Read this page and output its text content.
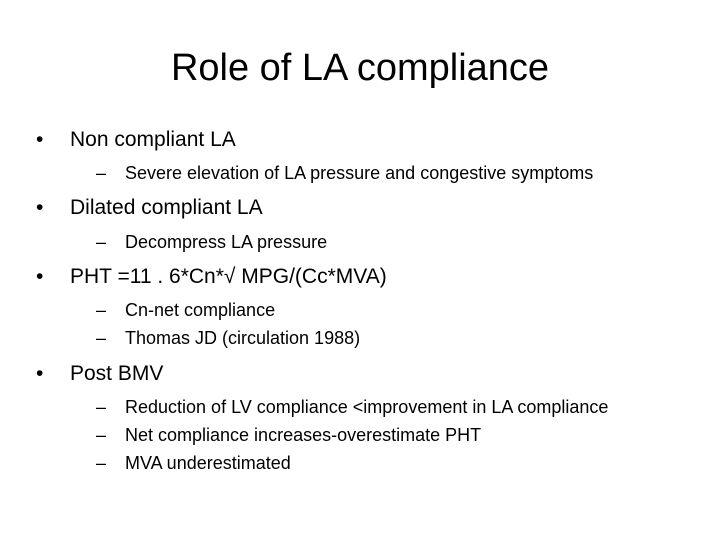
Role of LA compliance
•	Non compliant LA
– Severe elevation of LA pressure and congestive symptoms
•	Dilated compliant LA
– Decompress LA pressure
•	PHT =11 . 6*Cn*√ MPG/(Cc*MVA)
– Cn-net compliance
– Thomas JD (circulation 1988)
•	Post BMV
– Reduction of LV compliance <improvement in LA compliance
– Net compliance increases-overestimate PHT
– MVA underestimated
